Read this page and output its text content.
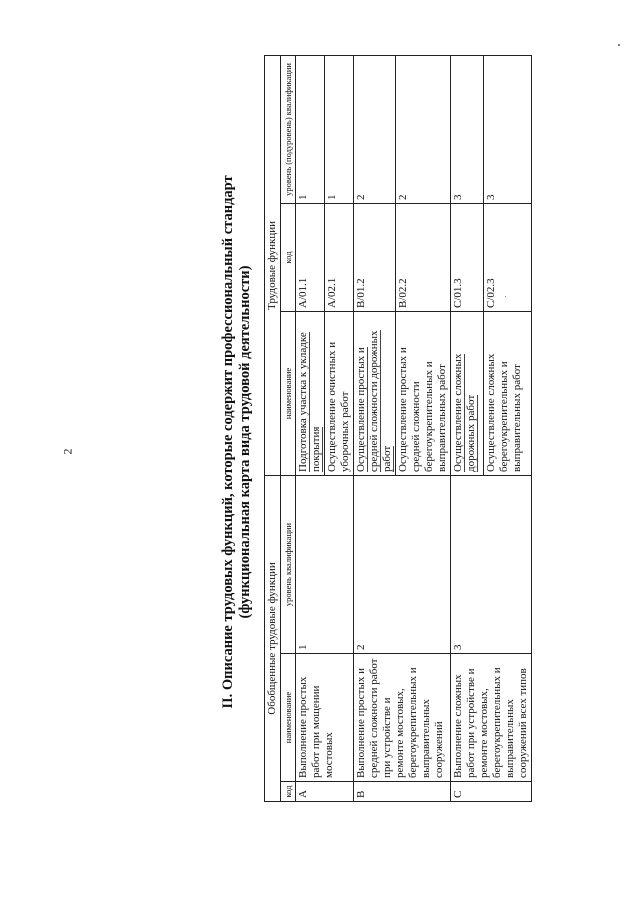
2	II. Описание трудовых функций, которые содержит профессиональный стандарт (функциональная карта вида трудовой деятельности)
Обобщенные трудовые функции			Трудовые функции		
код	наименование	уровень квалификации	наименование	код	уровень (подуровень) квалификации
A	Выполнение простых работ при мощении мостовых	1	Подготовка участка к укладке покрытия	A/01.1	1
			Осуществление очистных и уборочных работ	A/02.1	1
B	Выполнение простых и средней сложности работ при устройстве и ремонте мостовых, берегоукрепительных и выправительных сооружений	2	Осуществление простых и средней сложности дорожных работ	B/01.2	2
			Осуществление простых и средней сложности берегоукрепительных и выправительных работ	B/02.2	2
C	Выполнение сложных работ при устройстве и ремонте мостовых, берегоукрепительных и выправительных сооружений всех типов	3	Осуществление сложных дорожных работ	C/01.3	3
			Осуществление сложных берегоукрепительных и выправительных работ	C/02.3	3
